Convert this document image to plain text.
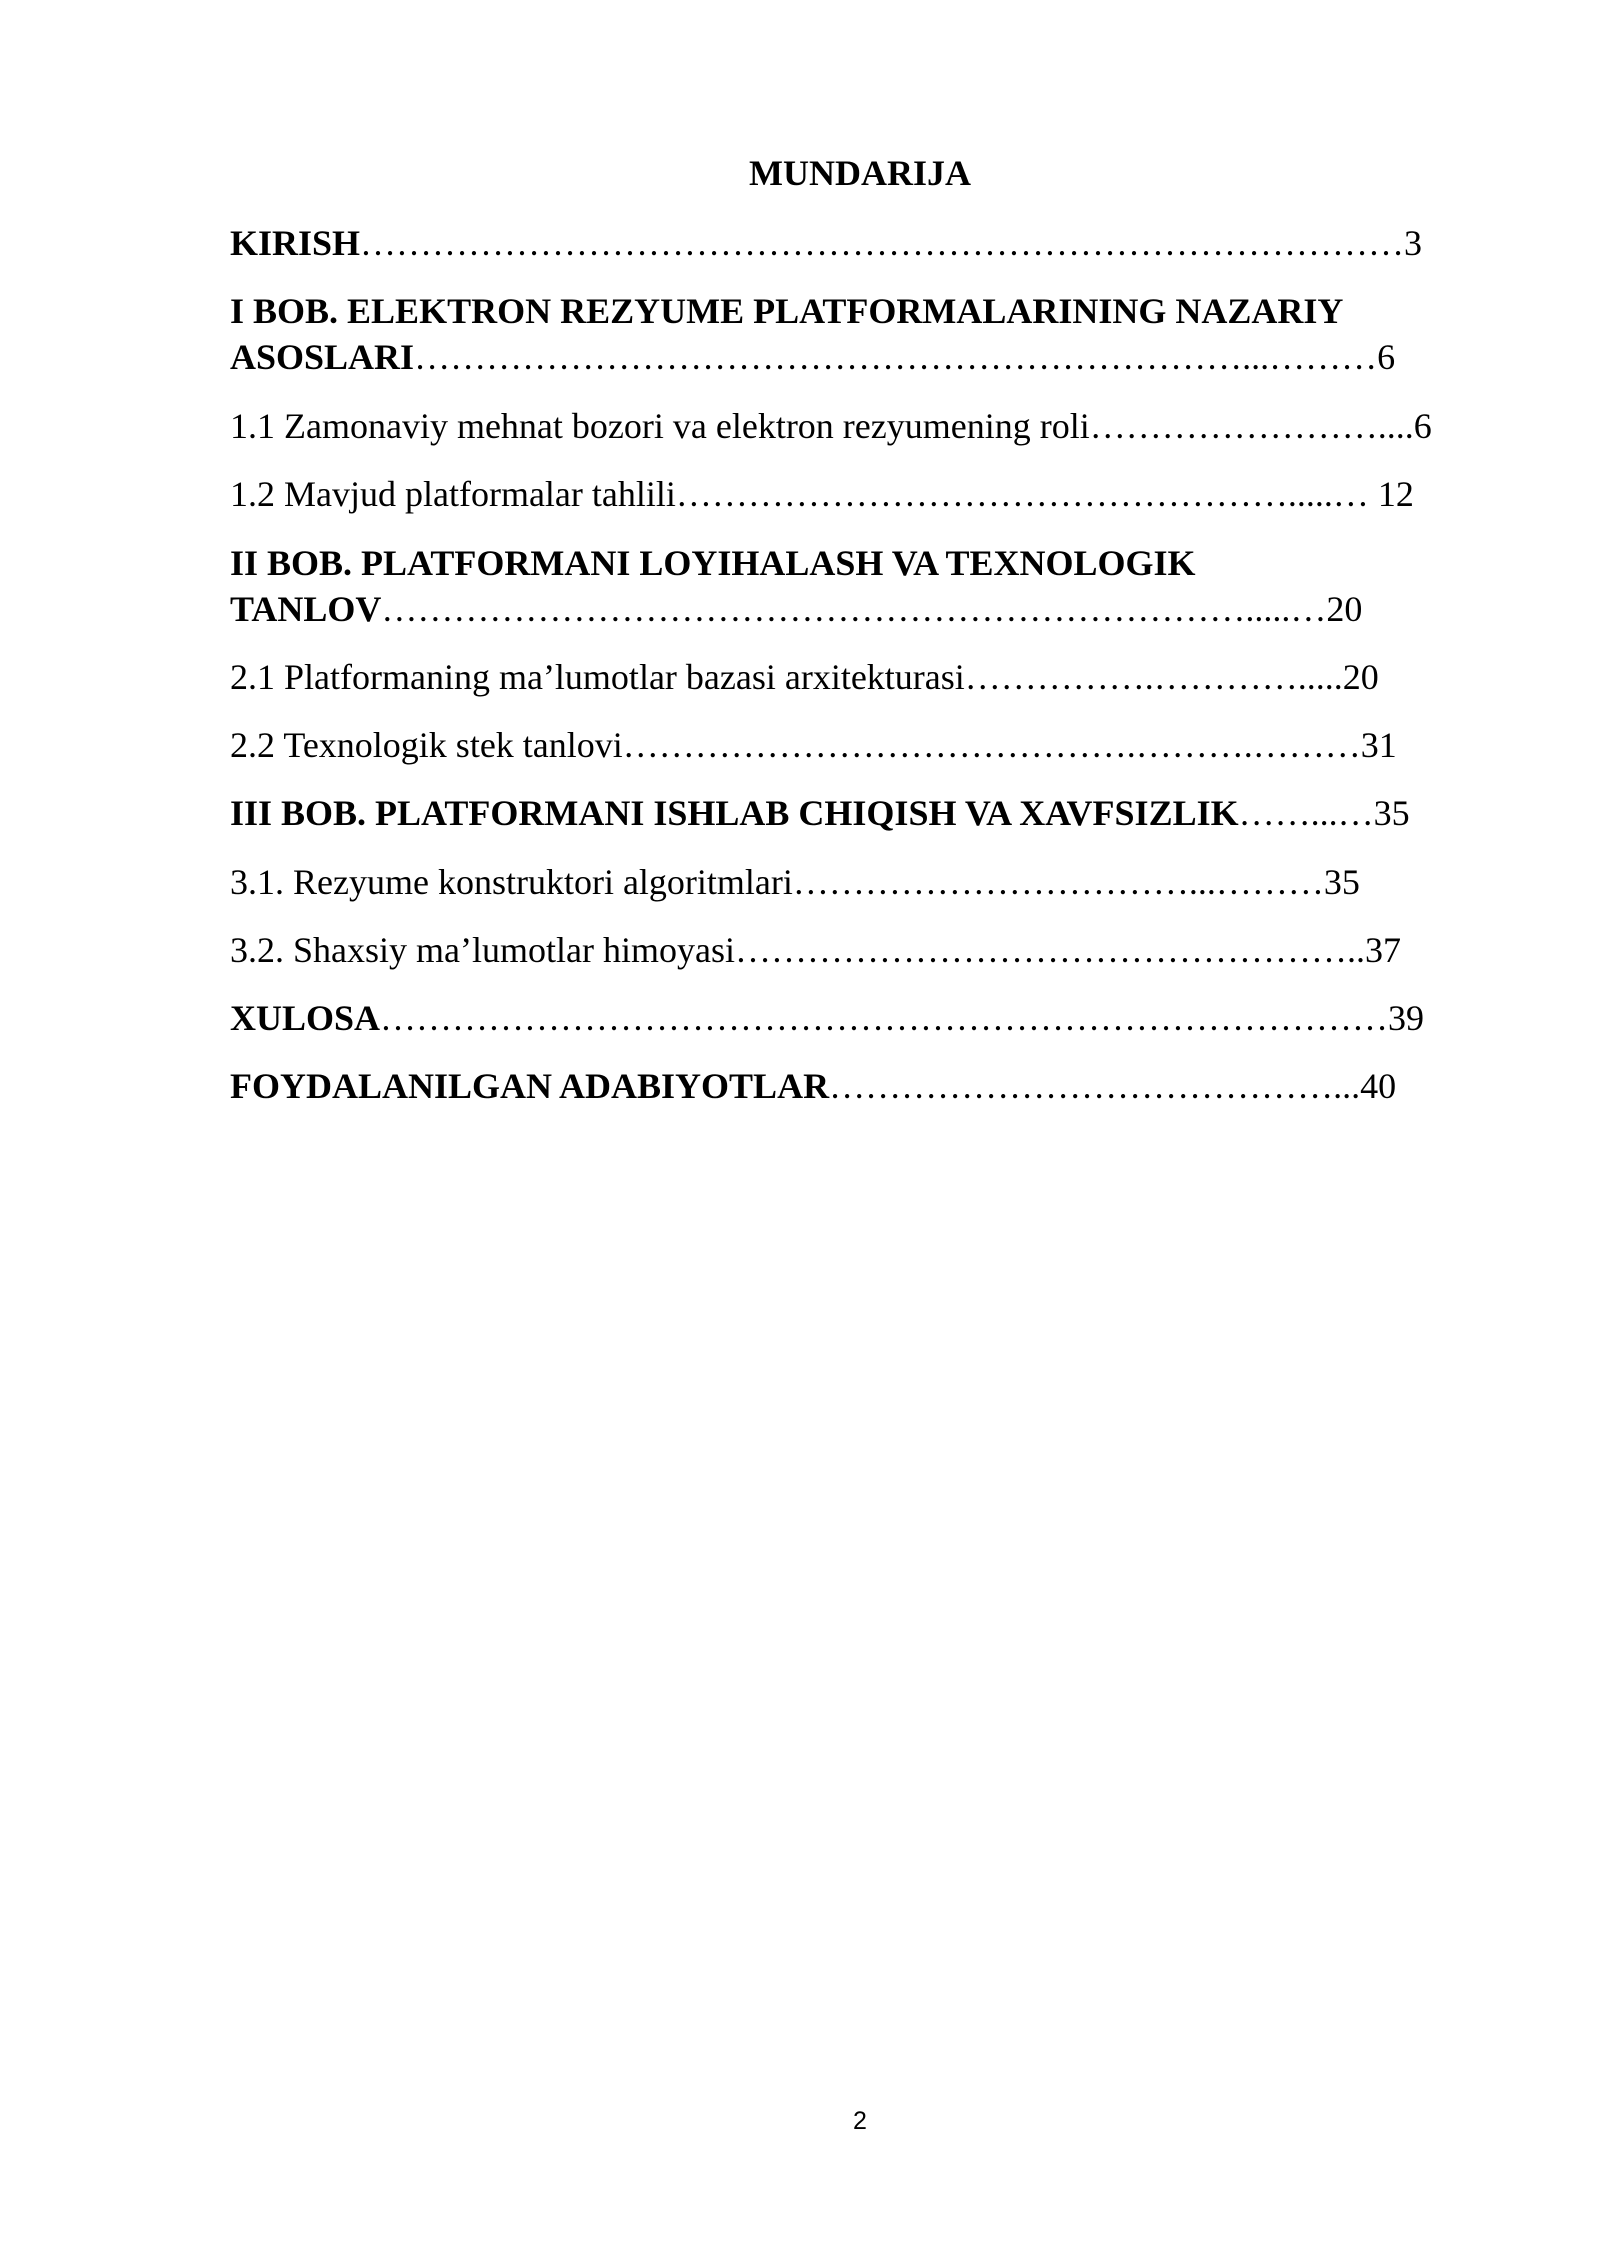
MUNDARIJA
KIRISH……………………………………………………………………………3
I BOB. ELEKTRON REZYUME PLATFORMALARINING NAZARIY
ASOSLARI……………………………………………………………...………6
1.1 Zamonaviy mehnat bozori va elektron rezyumening roli……………………....6
1.2 Mavjud platformalar tahlili…………………………………………….....… 12
II BOB. PLATFORMANI LOYIHALASH VA TEXNOLOGIK
TANLOV……………………………………………………………….....…20
2.1 Platformaning ma’lumotlar bazasi arxitekturasi…………….………….....20
2.2 Texnologik stek tanlovi…………………………………….……….………31
III BOB. PLATFORMANI ISHLAB CHIQISH VA XAVFSIZLIK……...…35
3.1. Rezyume konstruktori algoritmlari……………………………...………35
3.2. Shaxsiy ma’lumotlar himoyasi……………………………………………..37
XULOSA…………………………………………………………………………39
FOYDALANILGAN ADABIYOTLAR……………………………………...40
2
